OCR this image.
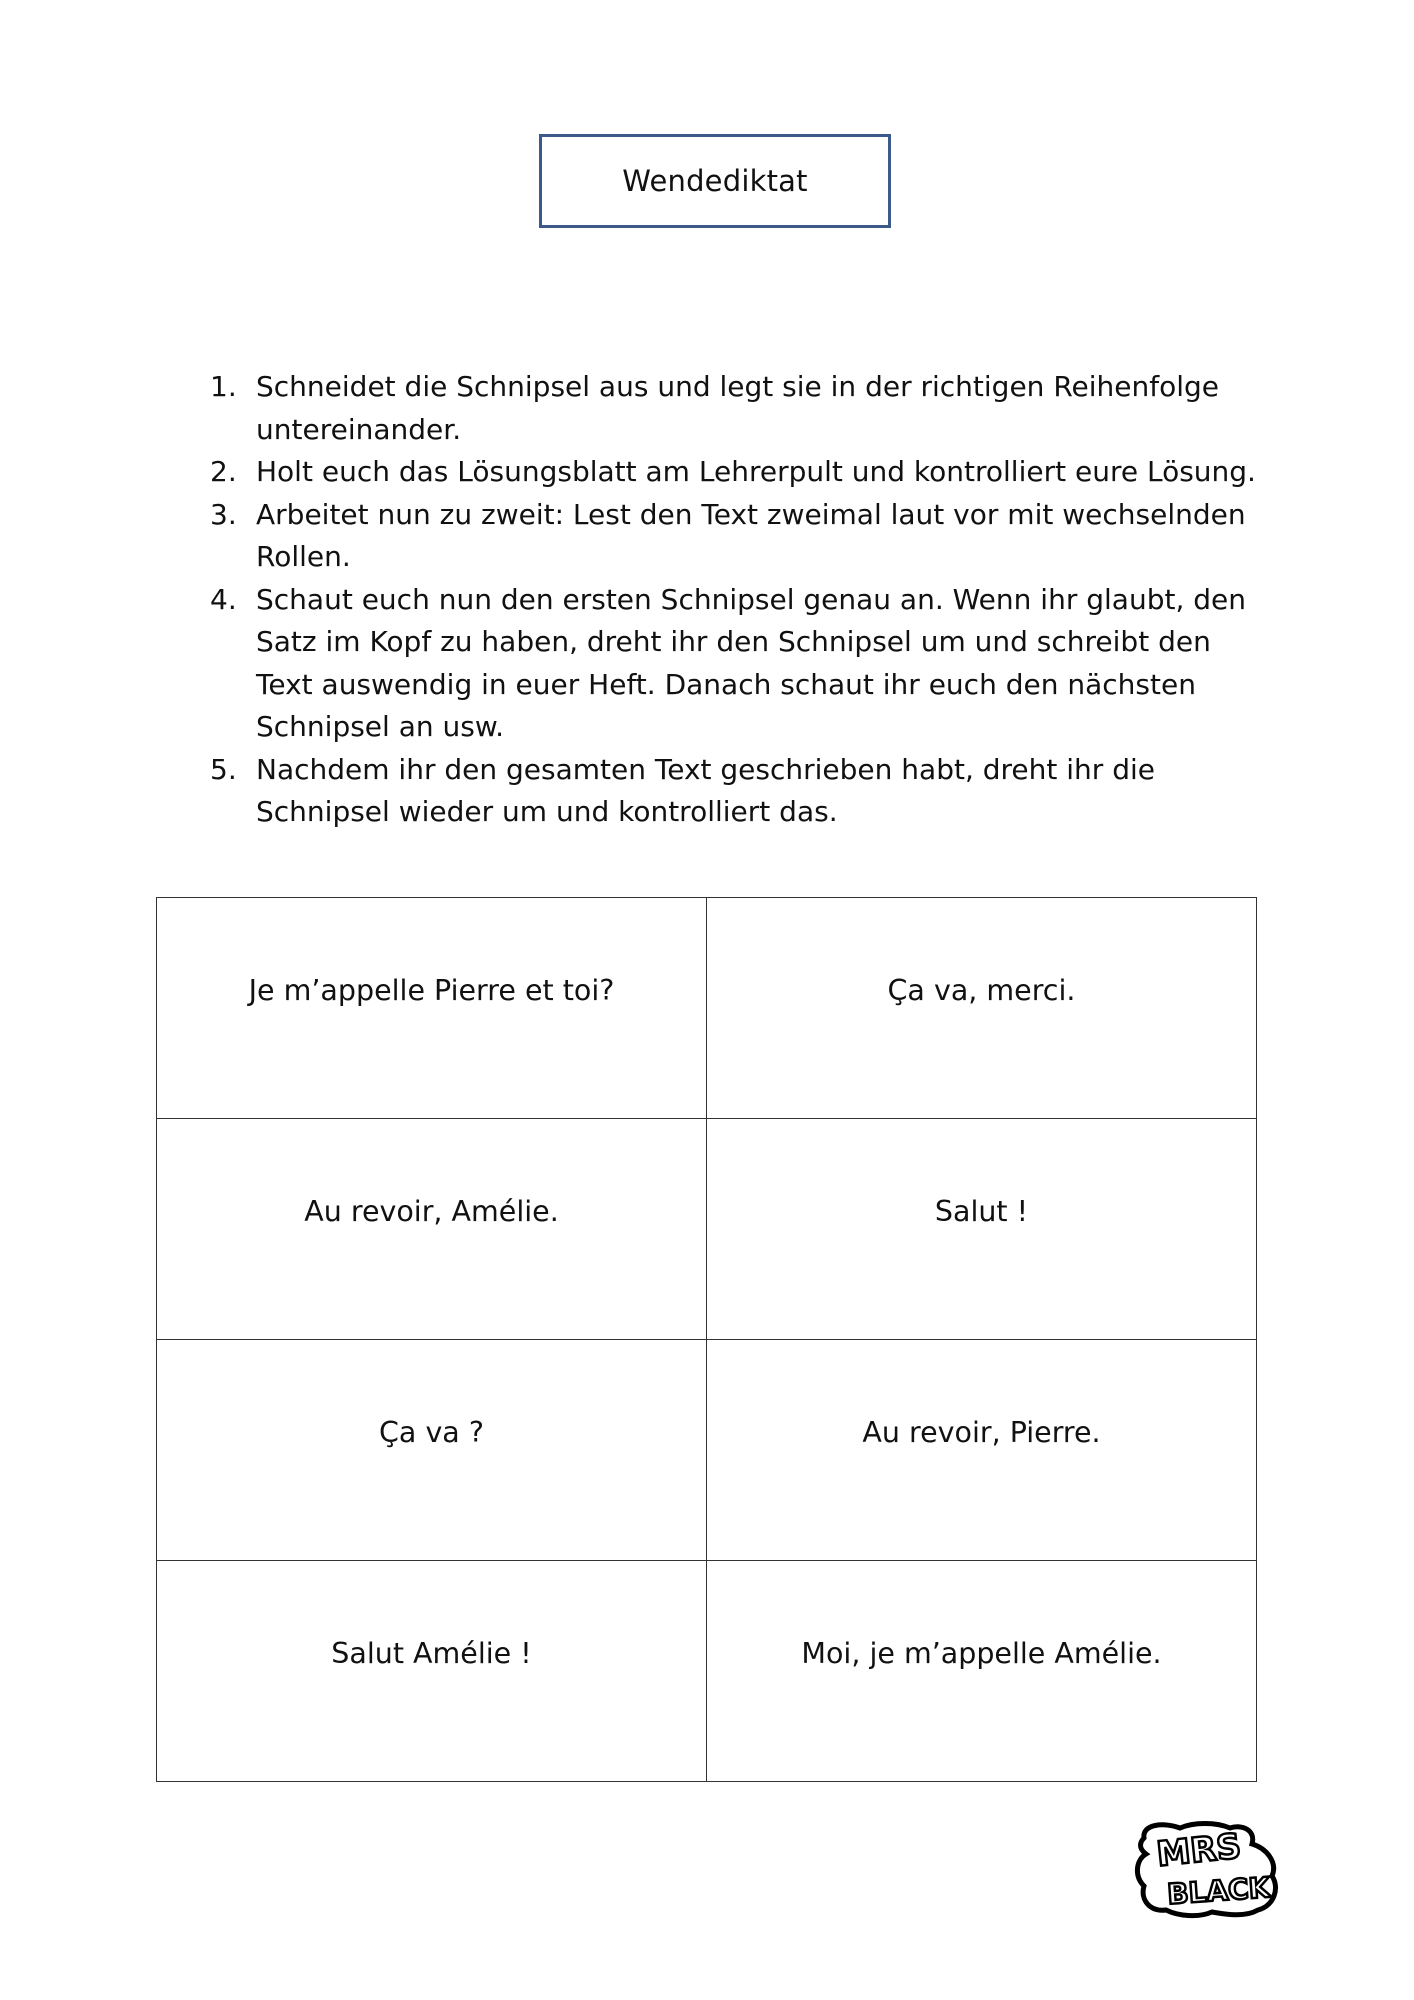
Wendediktat
1. Schneidet die Schnipsel aus und legt sie in der richtigen Reihenfolge untereinander.
2. Holt euch das Lösungsblatt am Lehrerpult und kontrolliert eure Lösung.
3. Arbeitet nun zu zweit: Lest den Text zweimal laut vor mit wechselnden Rollen.
4. Schaut euch nun den ersten Schnipsel genau an. Wenn ihr glaubt, den Satz im Kopf zu haben, dreht ihr den Schnipsel um und schreibt den Text auswendig in euer Heft. Danach schaut ihr euch den nächsten Schnipsel an usw.
5. Nachdem ihr den gesamten Text geschrieben habt, dreht ihr die Schnipsel wieder um und kontrolliert das.
Je m’appelle Pierre et toi?	Ça va, merci.
Au revoir, Amélie.	Salut !
Ça va ?	Au revoir, Pierre.
Salut Amélie !	Moi, je m’appelle Amélie.
MRS
BLACK
